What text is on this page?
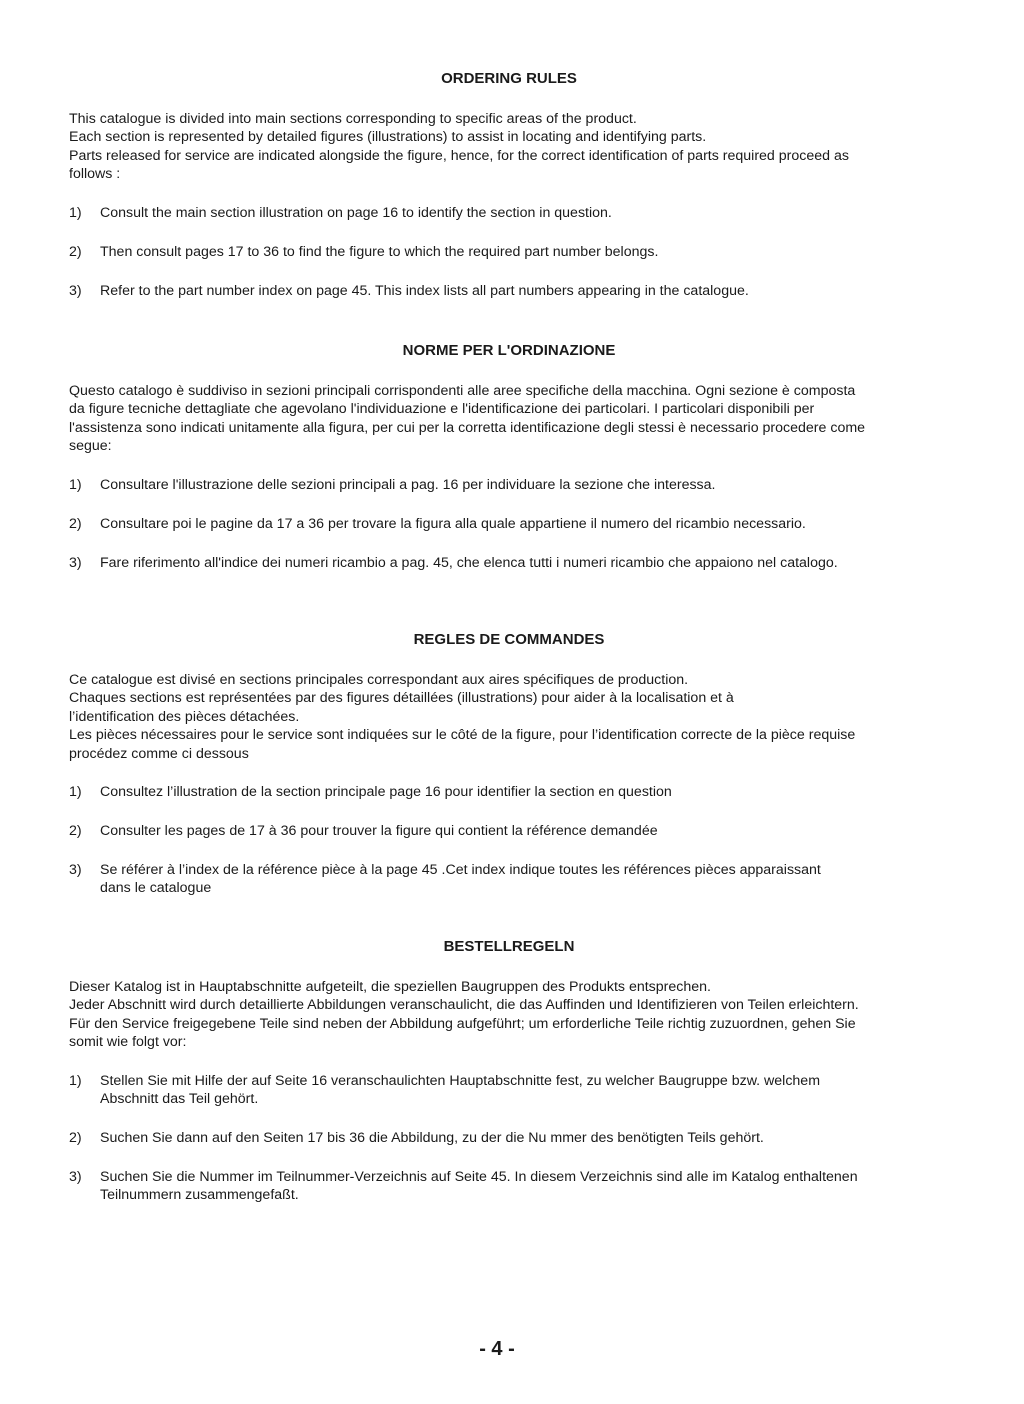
ORDERING RULES

This catalogue is divided into main sections corresponding to specific areas of the product.

Each section is represented by detailed figures (illustrations) to assist in locating and identifying parts.

Parts released for service are indicated alongside the figure, hence, for the correct identification of parts required proceed as follows :

1) Consult the main section illustration on page 16 to identify the section in question.
2) Then consult pages 17 to 36 to find the figure to which the required part number belongs.
3) Refer to the part number index on page 45. This index lists all part numbers appearing in the catalogue.
NORME PER L'ORDINAZIONE

Questo catalogo è suddiviso in sezioni principali corrispondenti alle aree specifiche della macchina. Ogni sezione è composta da figure tecniche dettagliate che agevolano l'individuazione e l'identificazione dei particolari. I particolari disponibili per l'assistenza sono indicati unitamente alla figura, per cui per la corretta identificazione degli stessi è necessario procedere come segue:

1) Consultare l'illustrazione delle sezioni principali a pag. 16 per individuare la sezione che interessa.
2) Consultare poi le pagine da 17 a 36 per trovare la figura alla quale appartiene il numero del ricambio necessario.
3) Fare riferimento all'indice dei numeri ricambio a pag. 45, che elenca tutti i numeri ricambio che appaiono nel catalogo.
REGLES DE COMMANDES

Ce catalogue est divisé en sections principales correspondant aux aires spécifiques de production.

Chaques sections est représentées par des figures détaillées (illustrations) pour aider à la localisation et à l’identification des pièces détachées.

Les pièces nécessaires pour le service sont indiquées sur le côté de la figure, pour l’identification correcte de la pièce requise procédez comme ci dessous

1) Consultez l’illustration de la section principale page 16 pour identifier la section en question
2) Consulter les pages de 17 à 36 pour trouver la figure qui contient la référence demandée
3) Se référer à l’index de la référence pièce à la page 45 .Cet index indique toutes les références pièces apparaissant dans le catalogue
BESTELLREGELN

Dieser Katalog ist in Hauptabschnitte aufgeteilt, die speziellen Baugruppen des Produkts entsprechen.

Jeder Abschnitt wird durch detaillierte Abbildungen veranschaulicht, die das Auffinden und Identifizieren von Teilen erleichtern.

Für den Service freigegebene Teile sind neben der Abbildung aufgeführt; um erforderliche Teile richtig zuzuordnen, gehen Sie somit wie folgt vor:

1) Stellen Sie mit Hilfe der auf Seite 16 veranschaulichten Hauptabschnitte fest, zu welcher Baugruppe bzw. welchem Abschnitt das Teil gehört.
2) Suchen Sie dann auf den Seiten 17 bis 36 die Abbildung, zu der die Nu mmer des benötigten Teils gehört.
3) Suchen Sie die Nummer im Teilnummer-Verzeichnis auf Seite 45. In diesem Verzeichnis sind alle im Katalog enthaltenen Teilnummern zusammengefaßt.
- 4 -
